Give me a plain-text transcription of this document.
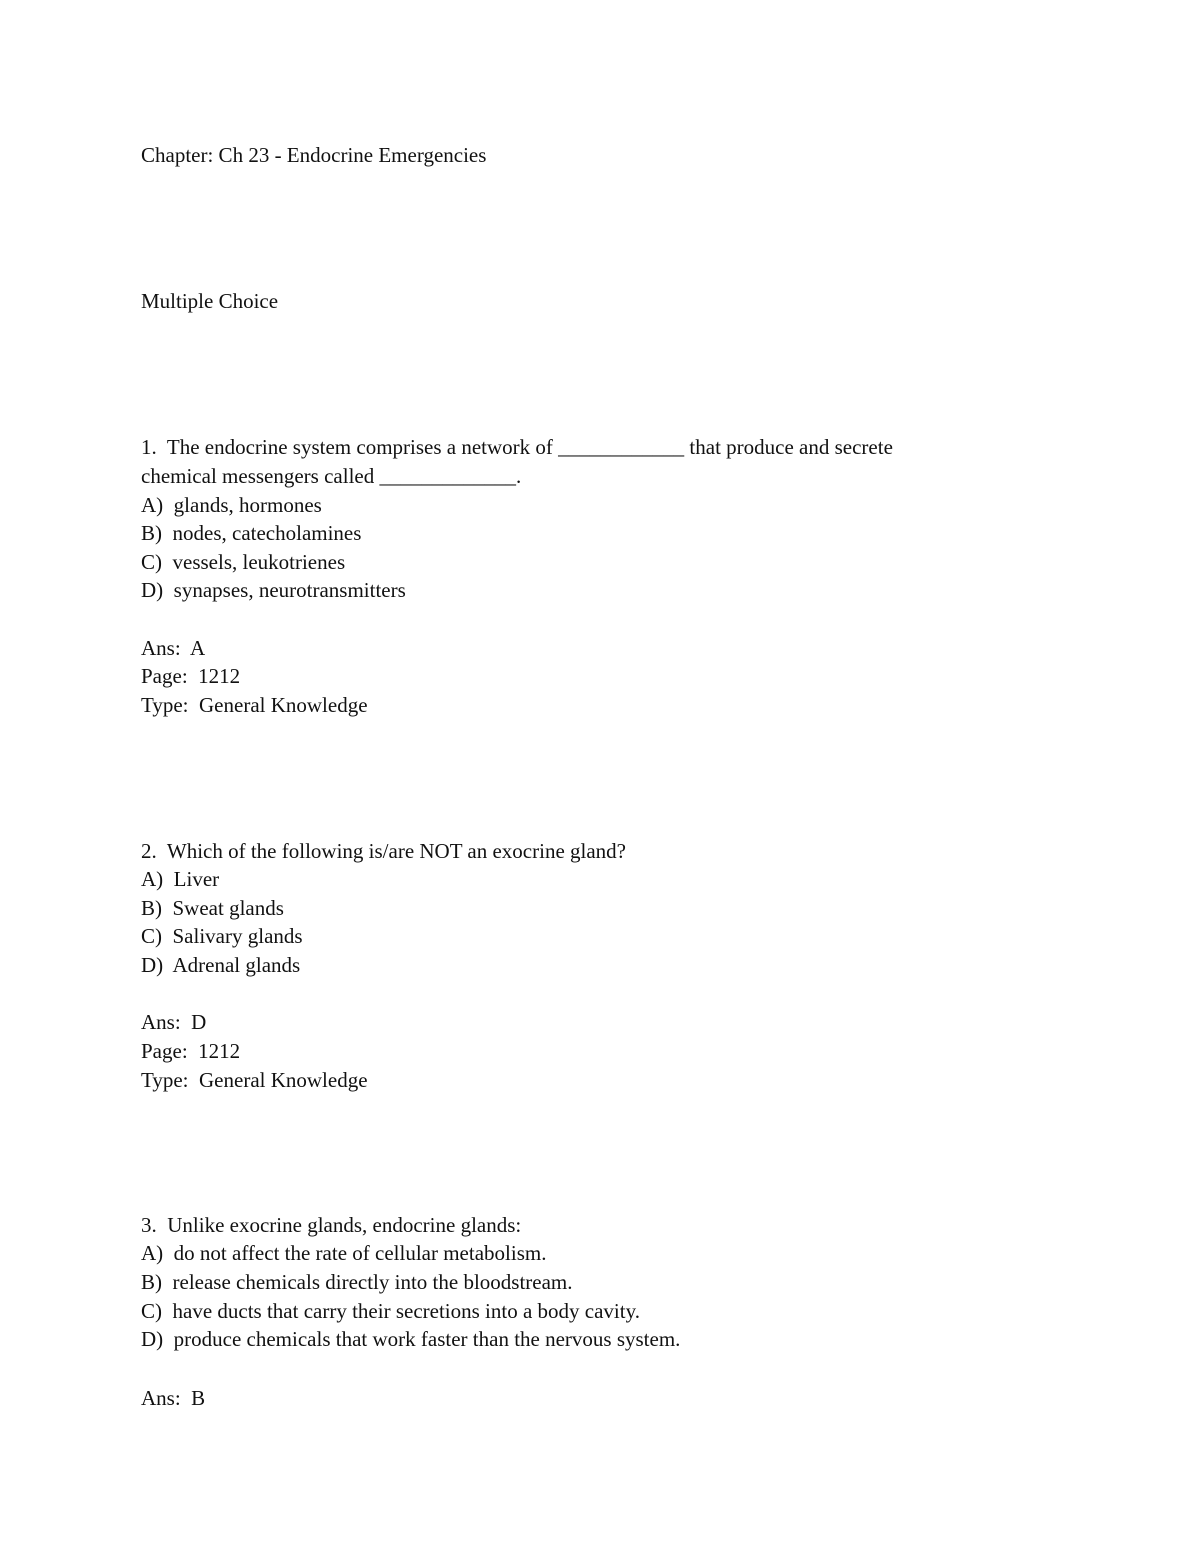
Chapter: Ch 23 - Endocrine Emergencies
Multiple Choice
1.  The endocrine system comprises a network of ____________ that produce and secrete
chemical messengers called _____________.
A)  glands, hormones
B)  nodes, catecholamines
C)  vessels, leukotrienes
D)  synapses, neurotransmitters
Ans:  A
Page:  1212
Type:  General Knowledge
2.  Which of the following is/are NOT an exocrine gland?
A)  Liver
B)  Sweat glands
C)  Salivary glands
D)  Adrenal glands
Ans:  D
Page:  1212
Type:  General Knowledge
3.  Unlike exocrine glands, endocrine glands:
A)  do not affect the rate of cellular metabolism.
B)  release chemicals directly into the bloodstream.
C)  have ducts that carry their secretions into a body cavity.
D)  produce chemicals that work faster than the nervous system.
Ans:  B
